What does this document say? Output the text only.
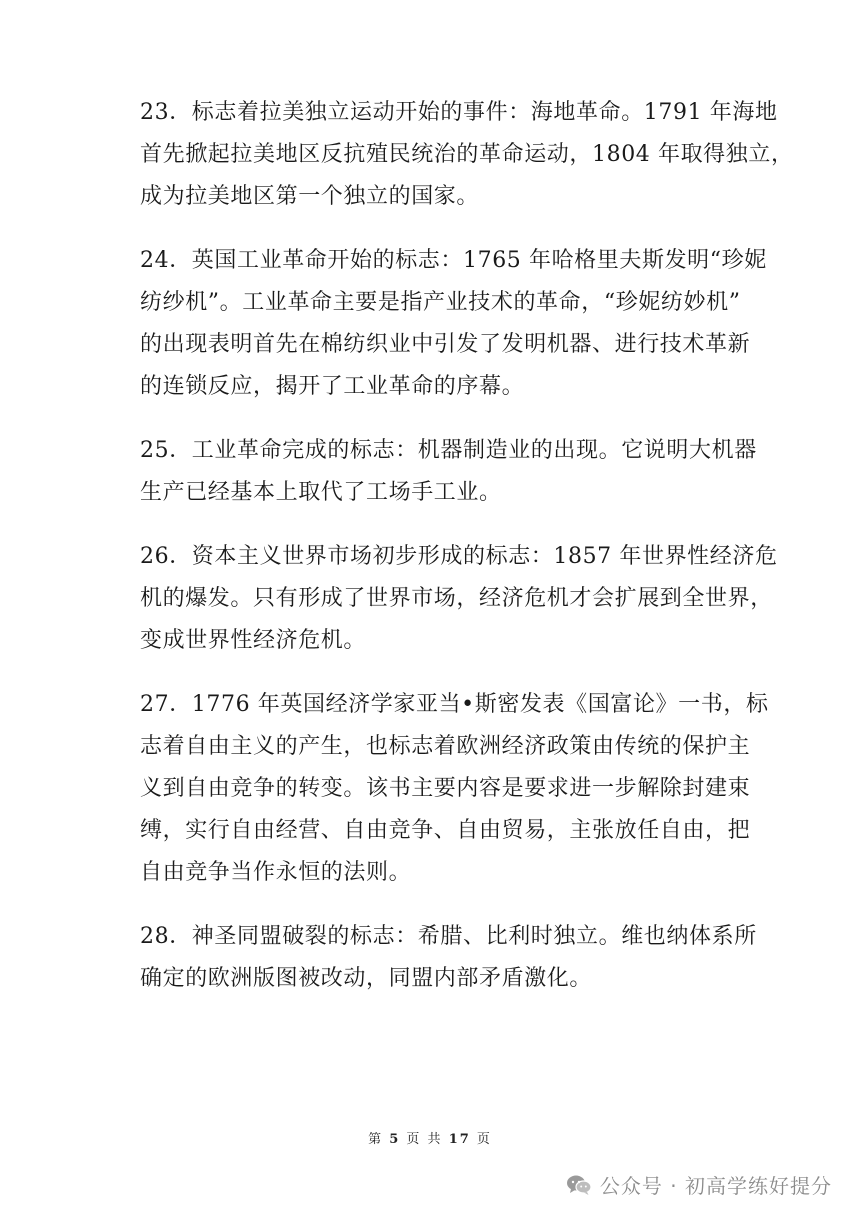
23．标志着拉美独立运动开始的事件：海地革命。1791 年海地
首先掀起拉美地区反抗殖民统治的革命运动，1804 年取得独立，
成为拉美地区第一个独立的国家。
24．英国工业革命开始的标志：1765 年哈格里夫斯发明“珍妮
纺纱机”。工业革命主要是指产业技术的革命，“珍妮纺妙机”
的出现表明首先在棉纺织业中引发了发明机器、进行技术革新
的连锁反应，揭开了工业革命的序幕。
25．工业革命完成的标志：机器制造业的出现。它说明大机器
生产已经基本上取代了工场手工业。
26．资本主义世界市场初步形成的标志：1857 年世界性经济危
机的爆发。只有形成了世界市场，经济危机才会扩展到全世界，
变成世界性经济危机。
27．1776 年英国经济学家亚当•斯密发表《国富论》一书，标
志着自由主义的产生，也标志着欧洲经济政策由传统的保护主
义到自由竞争的转变。该书主要内容是要求进一步解除封建束
缚，实行自由经营、自由竞争、自由贸易，主张放任自由，把
自由竞争当作永恒的法则。
28．神圣同盟破裂的标志：希腊、比利时独立。维也纳体系所
确定的欧洲版图被改动，同盟内部矛盾激化。
第 5 页 共 17 页
公众号 · 初高学练好提分
